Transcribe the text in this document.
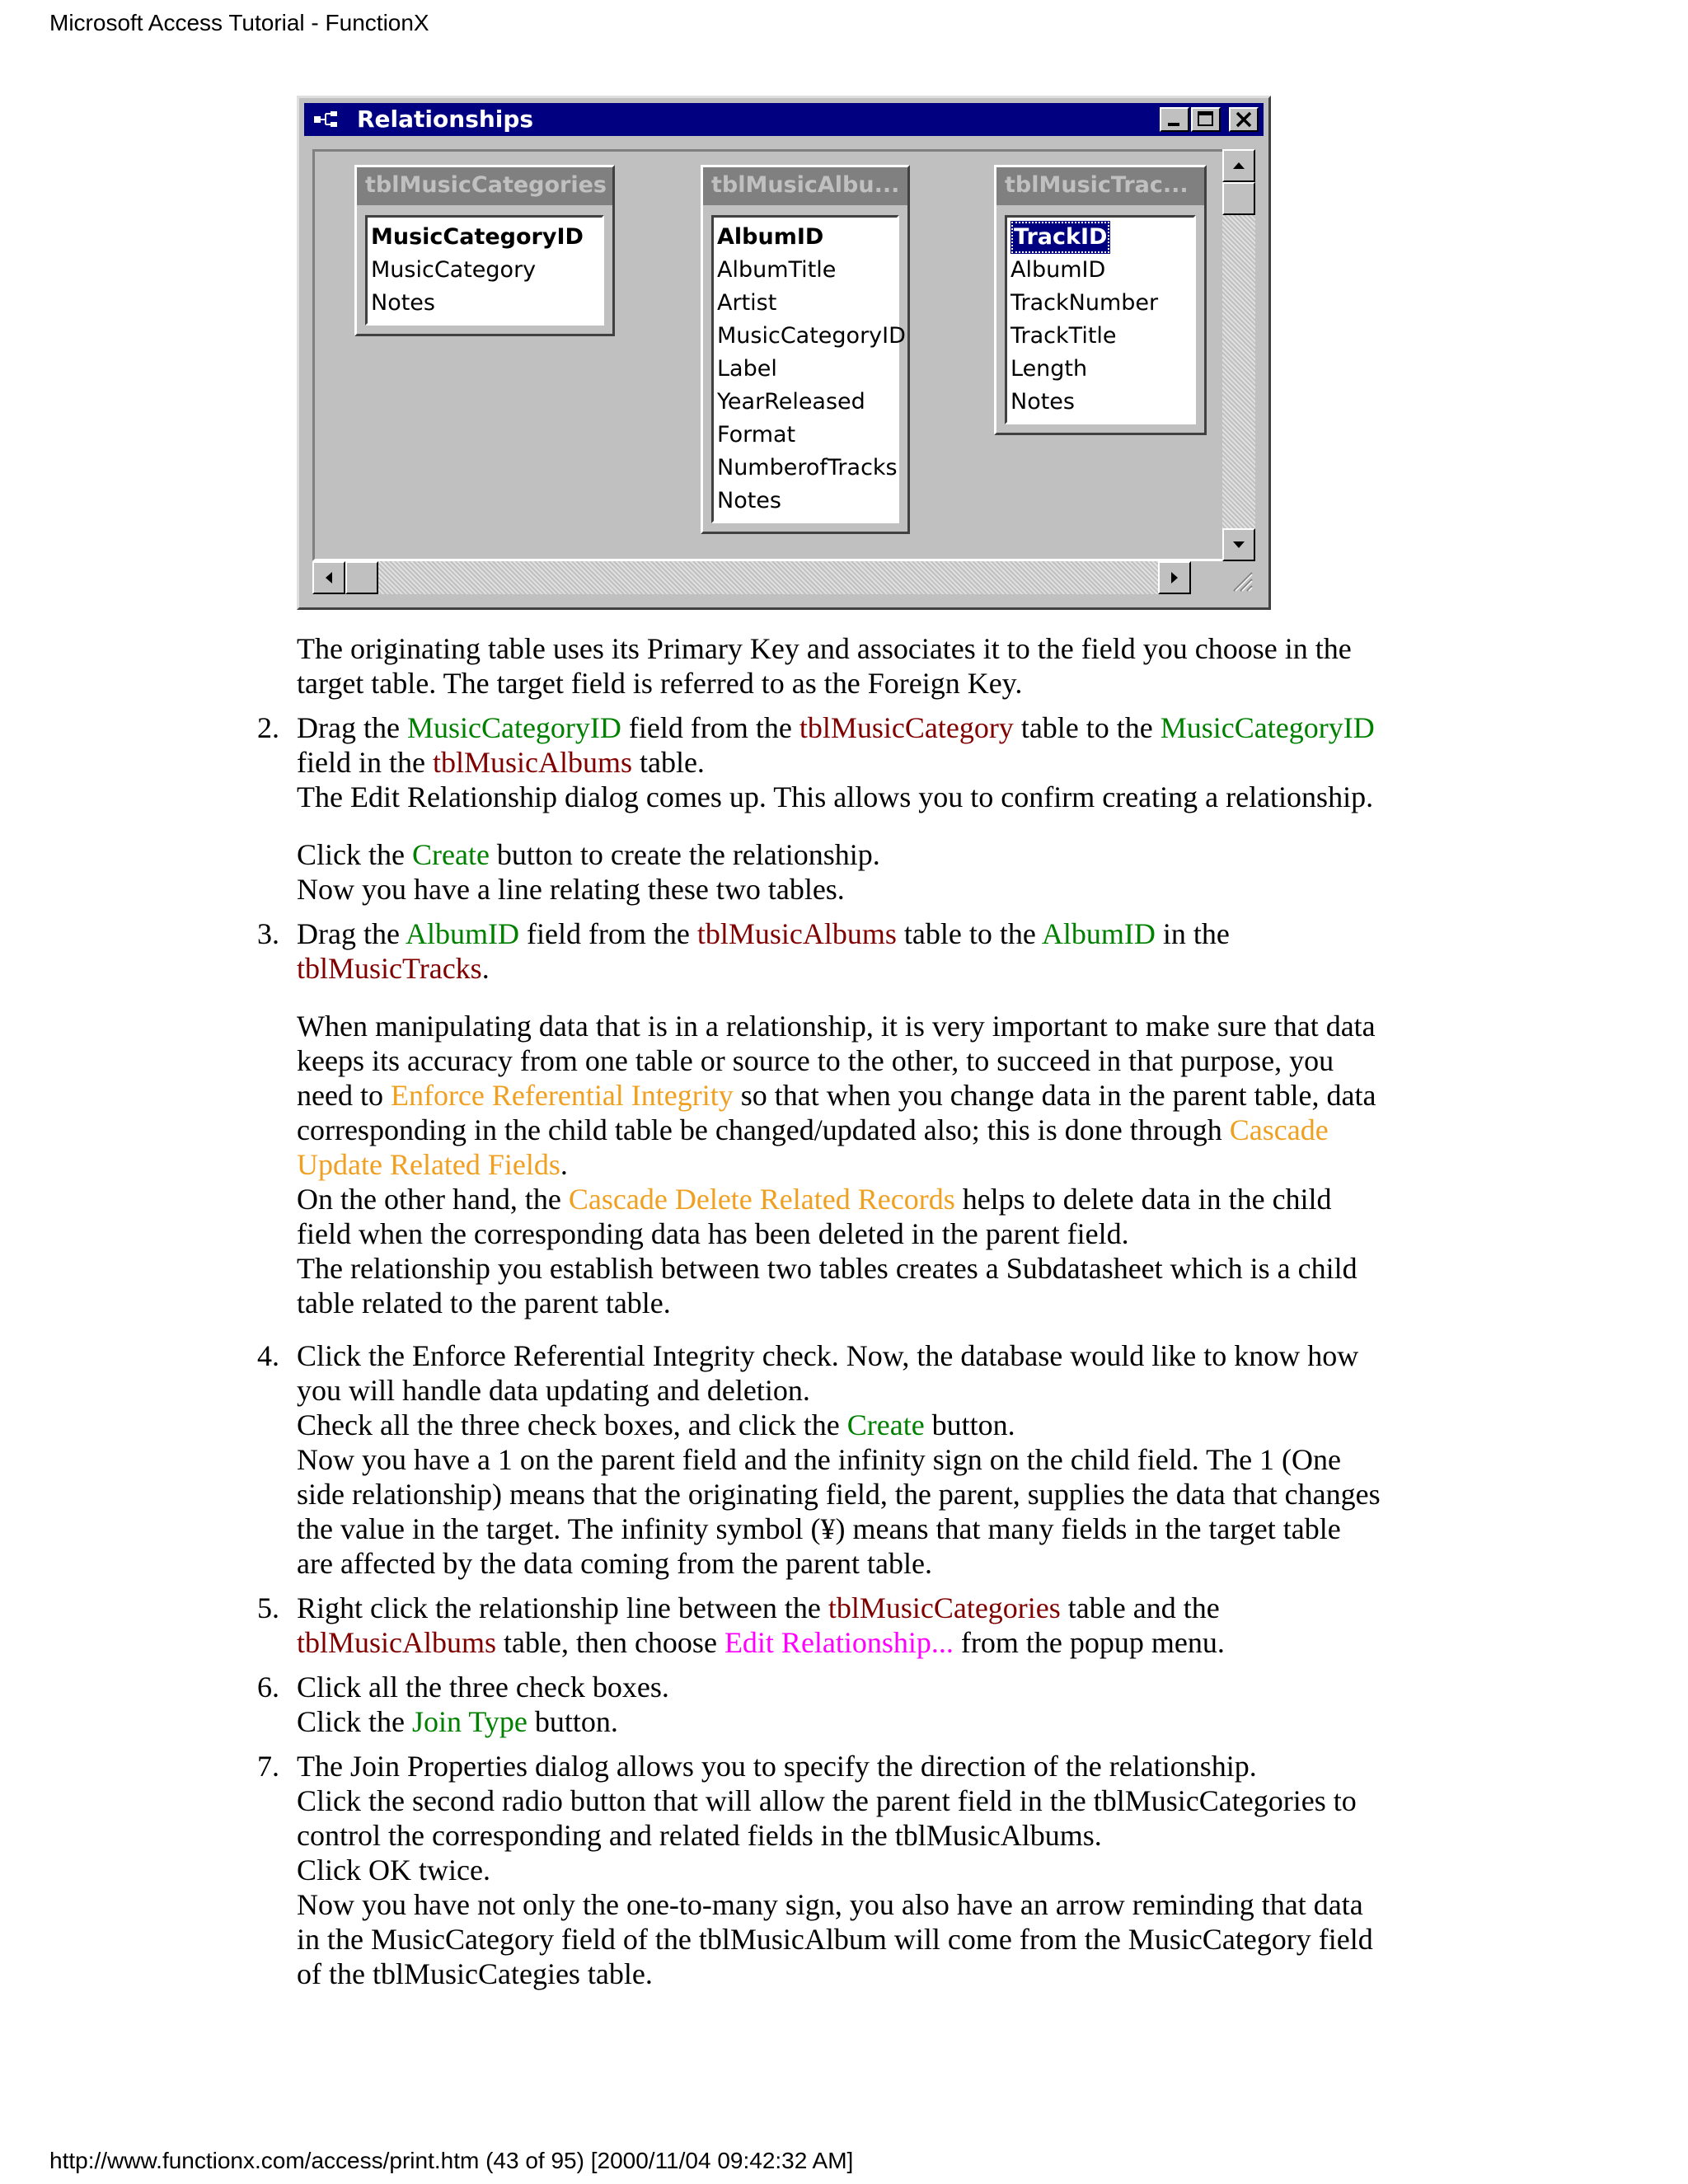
Microsoft Access Tutorial - FunctionX
Relationships
tblMusicCategories
MusicCategoryID
MusicCategory
Notes
tblMusicAlbu...
AlbumID
AlbumTitle
Artist
MusicCategoryID
Label
YearReleased
Format
NumberofTracks
Notes
tblMusicTrac...
TrackID
AlbumID
TrackNumber
TrackTitle
Length
Notes

The originating table uses its Primary Key and associates it to the field you choose in the

target table. The target field is referred to as the Foreign Key.

2. Drag the MusicCategoryID field from the tblMusicCategory table to the MusicCategoryID

field in the tblMusicAlbums table.

The Edit Relationship dialog comes up. This allows you to confirm creating a relationship.

Click the Create button to create the relationship.

Now you have a line relating these two tables.

3. Drag the AlbumID field from the tblMusicAlbums table to the AlbumID in the

tblMusicTracks.

When manipulating data that is in a relationship, it is very important to make sure that data

keeps its accuracy from one table or source to the other, to succeed in that purpose, you

need to Enforce Referential Integrity so that when you change data in the parent table, data

corresponding in the child table be changed/updated also; this is done through Cascade

Update Related Fields.

On the other hand, the Cascade Delete Related Records helps to delete data in the child

field when the corresponding data has been deleted in the parent field.

The relationship you establish between two tables creates a Subdatasheet which is a child

table related to the parent table.

4. Click the Enforce Referential Integrity check. Now, the database would like to know how

you will handle data updating and deletion.

Check all the three check boxes, and click the Create button.

Now you have a 1 on the parent field and the infinity sign on the child field. The 1 (One

side relationship) means that the originating field, the parent, supplies the data that changes

the value in the target. The infinity symbol (¥) means that many fields in the target table

are affected by the data coming from the parent table.

5. Right click the relationship line between the tblMusicCategories table and the

tblMusicAlbums table, then choose Edit Relationship... from the popup menu.

6. Click all the three check boxes.

Click the Join Type button.

7. The Join Properties dialog allows you to specify the direction of the relationship.

Click the second radio button that will allow the parent field in the tblMusicCategories to

control the corresponding and related fields in the tblMusicAlbums.

Click OK twice.

Now you have not only the one-to-many sign, you also have an arrow reminding that data

in the MusicCategory field of the tblMusicAlbum will come from the MusicCategory field

of the tblMusicCategies table.

http://www.functionx.com/access/print.htm (43 of 95) [2000/11/04 09:42:32 AM]
